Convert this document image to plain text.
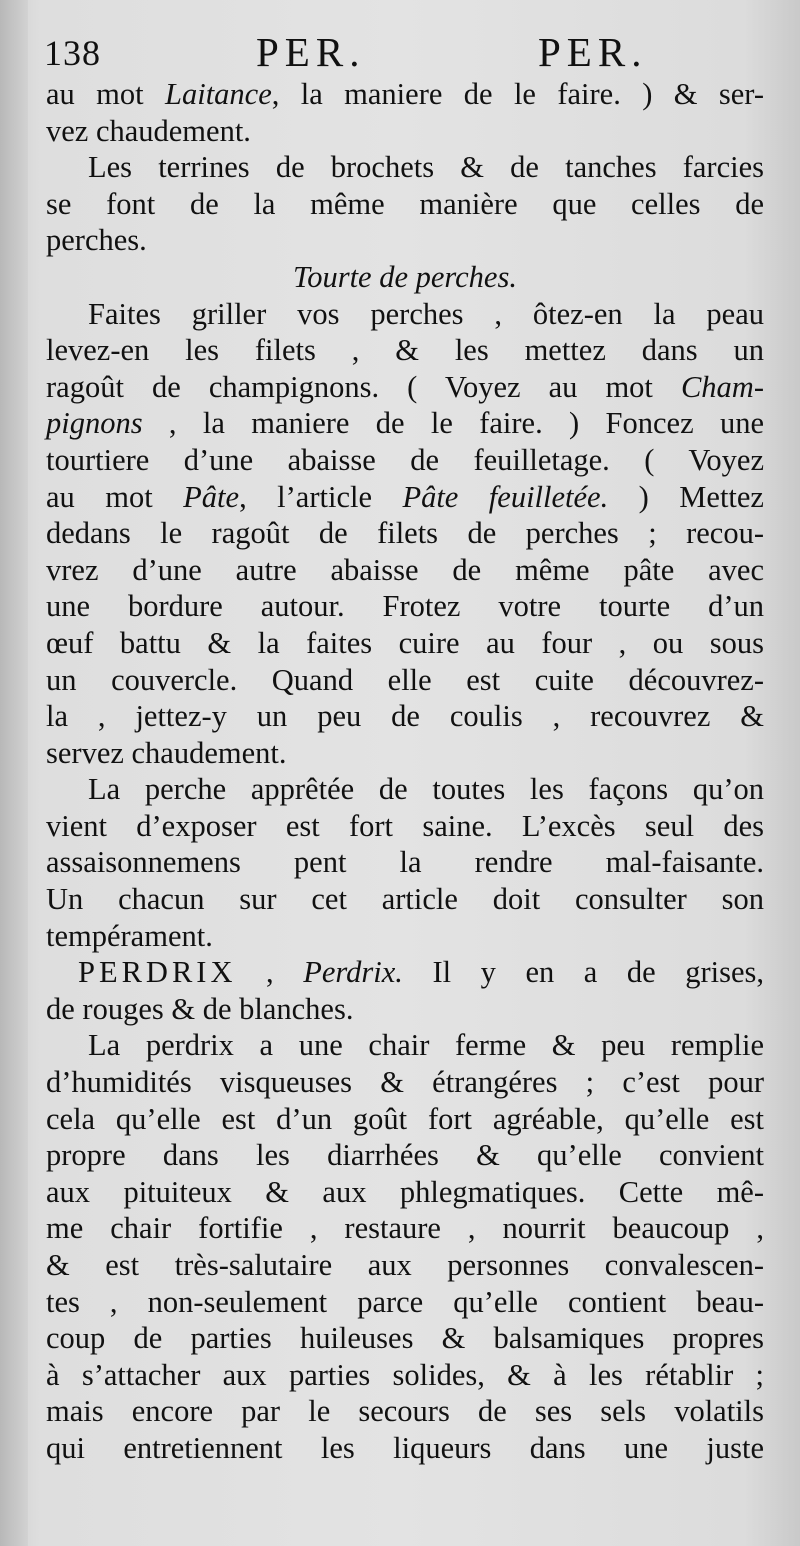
138	PER.	PER.
au mot Laitance, la maniere de le faire. ) & ser-
vez chaudement.
Les terrines de brochets & de tanches farcies
se font de la même manière que celles de
perches.
Tourte de perches.
Faites griller vos perches , ôtez-en la peau
levez-en les filets , & les mettez dans un
ragoût de champignons. ( Voyez au mot Cham-
pignons , la maniere de le faire. ) Foncez une
tourtiere d’une abaisse de feuilletage. ( Voyez
au mot Pâte, l’article Pâte feuilletée. ) Mettez
dedans le ragoût de filets de perches ; recou-
vrez d’une autre abaisse de même pâte avec
une bordure autour. Frotez votre tourte d’un
œuf battu & la faites cuire au four , ou sous
un couvercle. Quand elle est cuite découvrez-
la , jettez-y un peu de coulis , recouvrez &
servez chaudement.
La perche apprêtée de toutes les façons qu’on
vient d’exposer est fort saine. L’excès seul des
assaisonnemens pent la rendre mal-faisante.
Un chacun sur cet article doit consulter son
tempérament.
PERDRIX , Perdrix. Il y en a de grises,
de rouges & de blanches.
La perdrix a une chair ferme & peu remplie
d’humidités visqueuses & étrangéres ; c’est pour
cela qu’elle est d’un goût fort agréable, qu’elle est
propre dans les diarrhées & qu’elle convient
aux pituiteux & aux phlegmatiques. Cette mê-
me chair fortifie , restaure , nourrit beaucoup ,
& est très-salutaire aux personnes convalescen-
tes , non-seulement parce qu’elle contient beau-
coup de parties huileuses & balsamiques propres
à s’attacher aux parties solides, & à les rétablir ;
mais encore par le secours de ses sels volatils
qui entretiennent les liqueurs dans une juste
